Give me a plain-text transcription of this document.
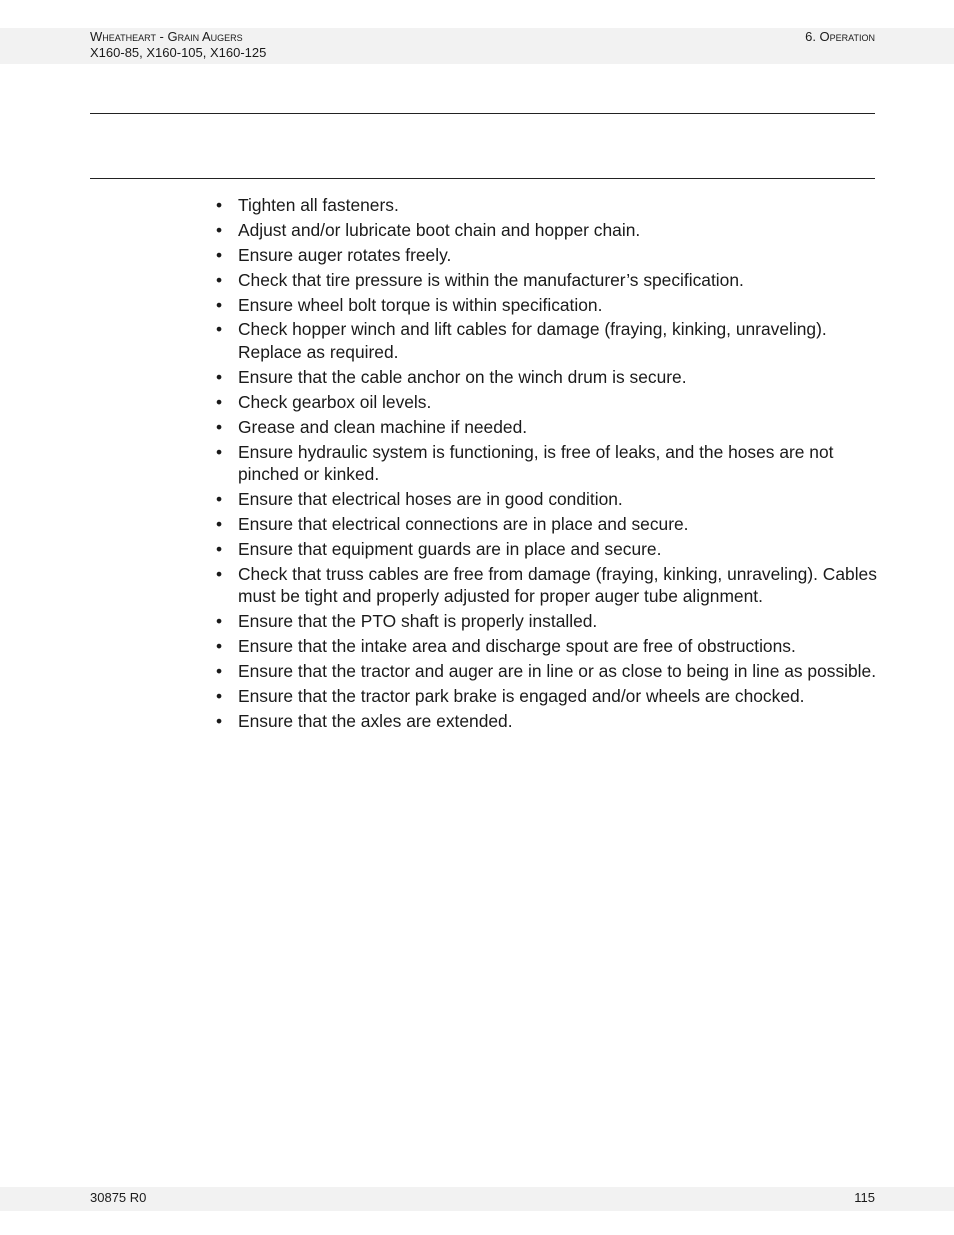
Wheatheart - Grain Augers
X160-85, X160-105, X160-125
6. Operation
• Tighten all fasteners.
• Adjust and/or lubricate boot chain and hopper chain.
• Ensure auger rotates freely.
• Check that tire pressure is within the manufacturer’s specification.
• Ensure wheel bolt torque is within specification.
• Check hopper winch and lift cables for damage (fraying, kinking, unraveling). Replace as required.
• Ensure that the cable anchor on the winch drum is secure.
• Check gearbox oil levels.
• Grease and clean machine if needed.
• Ensure hydraulic system is functioning, is free of leaks, and the hoses are not pinched or kinked.
• Ensure that electrical hoses are in good condition.
• Ensure that electrical connections are in place and secure.
• Ensure that equipment guards are in place and secure.
• Check that truss cables are free from damage (fraying, kinking, unraveling). Cables must be tight and properly adjusted for proper auger tube alignment.
• Ensure that the PTO shaft is properly installed.
• Ensure that the intake area and discharge spout are free of obstructions.
• Ensure that the tractor and auger are in line or as close to being in line as possible.
• Ensure that the tractor park brake is engaged and/or wheels are chocked.
• Ensure that the axles are extended.
30875 R0	115
